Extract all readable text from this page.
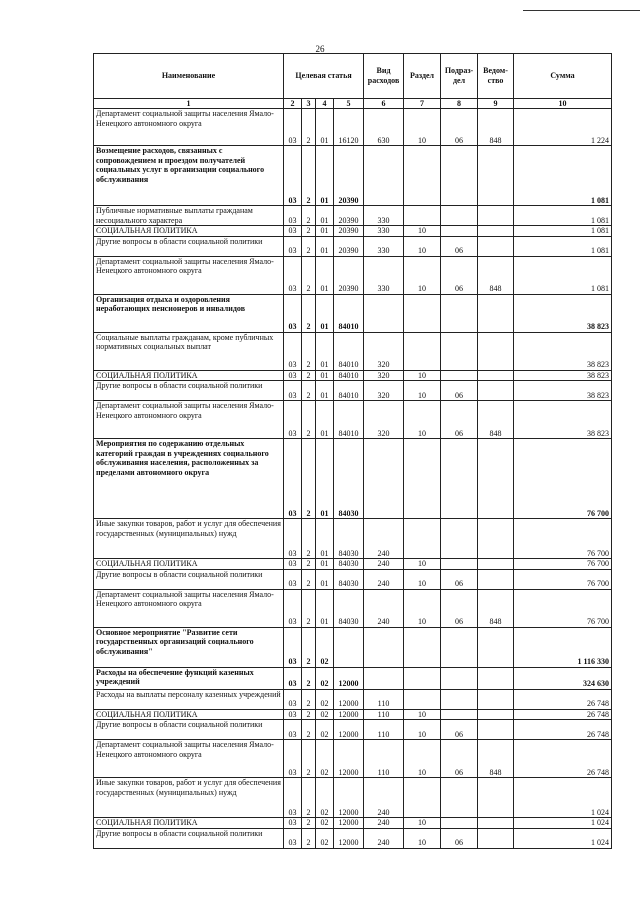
26
Наименование	Целевая статья				Вид расходов	Раздел	Подраз-дел	Ведом-ство	Сумма
1	2	3	4	5	6	7	8	9	10
Департамент социальной защиты населения Ямало-Ненецкого автономного округа	03	2	01	16120	630	10	06	848	1 224
Возмещение расходов, связанных с сопровождением и проездом получателей социальных услуг в организации социального обслуживания	03	2	01	20390					1 081
Публичные нормативные выплаты гражданам несоциального характера	03	2	01	20390	330				1 081
СОЦИАЛЬНАЯ ПОЛИТИКА	03	2	01	20390	330	10			1 081
Другие вопросы в области социальной политики	03	2	01	20390	330	10	06		1 081
Департамент социальной защиты населения Ямало-Ненецкого автономного округа	03	2	01	20390	330	10	06	848	1 081
Организация отдыха и оздоровления неработающих пенсионеров и инвалидов	03	2	01	84010					38 823
Социальные выплаты гражданам, кроме публичных нормативных социальных выплат	03	2	01	84010	320				38 823
СОЦИАЛЬНАЯ ПОЛИТИКА	03	2	01	84010	320	10			38 823
Другие вопросы в области социальной политики	03	2	01	84010	320	10	06		38 823
Департамент социальной защиты населения Ямало-Ненецкого автономного округа	03	2	01	84010	320	10	06	848	38 823
Мероприятия по содержанию отдельных категорий граждан в учреждениях социального обслуживания населения, расположенных за пределами автономного округа	03	2	01	84030					76 700
Иные закупки товаров, работ и услуг для обеспечения государственных (муниципальных) нужд	03	2	01	84030	240				76 700
СОЦИАЛЬНАЯ ПОЛИТИКА	03	2	01	84030	240	10			76 700
Другие вопросы в области социальной политики	03	2	01	84030	240	10	06		76 700
Департамент социальной защиты населения Ямало-Ненецкого автономного округа	03	2	01	84030	240	10	06	848	76 700
Основное мероприятие "Развитие сети государственных организаций социального обслуживания"	03	2	02						1 116 330
Расходы на обеспечение функций казенных учреждений	03	2	02	12000					324 630
Расходы на выплаты персоналу казенных учреждений	03	2	02	12000	110				26 748
СОЦИАЛЬНАЯ ПОЛИТИКА	03	2	02	12000	110	10			26 748
Другие вопросы в области социальной политики	03	2	02	12000	110	10	06		26 748
Департамент социальной защиты населения Ямало-Ненецкого автономного округа	03	2	02	12000	110	10	06	848	26 748
Иные закупки товаров, работ и услуг для обеспечения государственных (муниципальных) нужд	03	2	02	12000	240				1 024
СОЦИАЛЬНАЯ ПОЛИТИКА	03	2	02	12000	240	10			1 024
Другие вопросы в области социальной политики	03	2	02	12000	240	10	06		1 024
